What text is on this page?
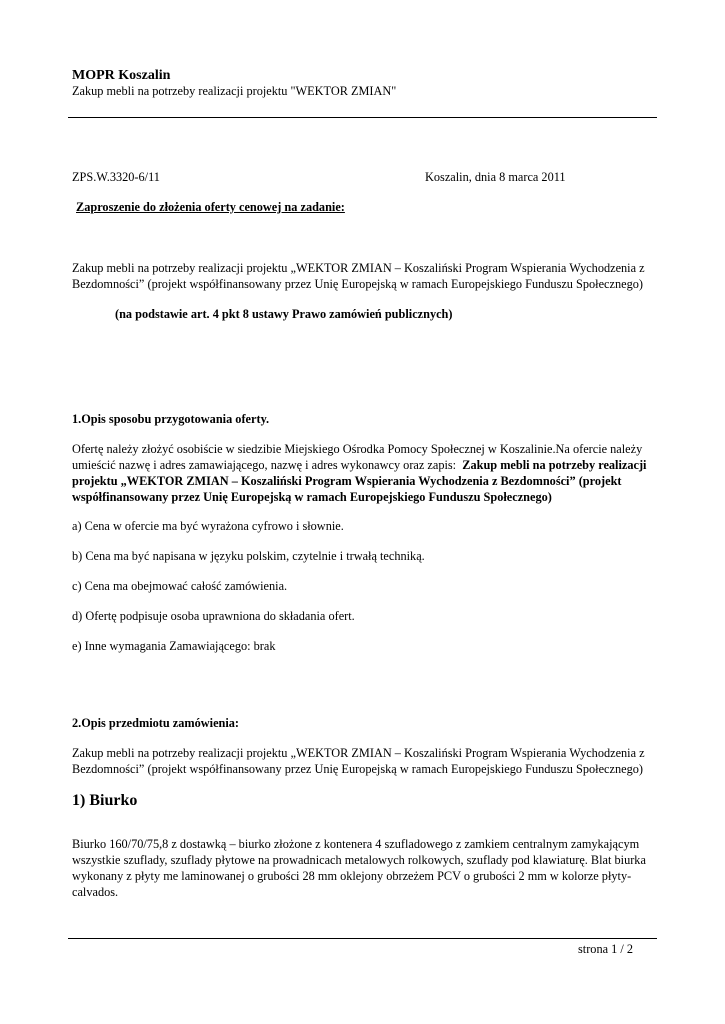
MOPR Koszalin
Zakup mebli na potrzeby realizacji projektu "WEKTOR ZMIAN"
ZPS.W.3320-6/11	Koszalin, dnia 8 marca 2011
Zaproszenie do złożenia oferty cenowej na zadanie:
Zakup mebli na potrzeby realizacji projektu „WEKTOR ZMIAN – Koszaliński Program Wspierania Wychodzenia z
Bezdomności” (projekt współfinansowany przez Unię Europejską w ramach Europejskiego Funduszu Społecznego)
(na podstawie art. 4 pkt 8 ustawy Prawo zamówień publicznych)
1.Opis sposobu przygotowania oferty.
Ofertę należy złożyć osobiście w siedzibie Miejskiego Ośrodka Pomocy Społecznej w Koszalinie.Na ofercie należy
umieścić nazwę i adres zamawiającego, nazwę i adres wykonawcy oraz zapis:  Zakup mebli na potrzeby realizacji
projektu „WEKTOR ZMIAN – Koszaliński Program Wspierania Wychodzenia z Bezdomności” (projekt
współfinansowany przez Unię Europejską w ramach Europejskiego Funduszu Społecznego)
a) Cena w ofercie ma być wyrażona cyfrowo i słownie.
b) Cena ma być napisana w języku polskim, czytelnie i trwałą techniką.
c) Cena ma obejmować całość zamówienia.
d) Ofertę podpisuje osoba uprawniona do składania ofert.
e) Inne wymagania Zamawiającego: brak
2.Opis przedmiotu zamówienia:
Zakup mebli na potrzeby realizacji projektu „WEKTOR ZMIAN – Koszaliński Program Wspierania Wychodzenia z
Bezdomności” (projekt współfinansowany przez Unię Europejską w ramach Europejskiego Funduszu Społecznego)
1) Biurko
Biurko 160/70/75,8 z dostawką – biurko złożone z kontenera 4 szufladowego z zamkiem centralnym zamykającym
wszystkie szuflady, szuflady płytowe na prowadnicach metalowych rolkowych, szuflady pod klawiaturę. Blat biurka
wykonany z płyty me laminowanej o grubości 28 mm oklejony obrzeżem PCV o grubości 2 mm w kolorze płyty-
calvados.
strona 1 / 2
